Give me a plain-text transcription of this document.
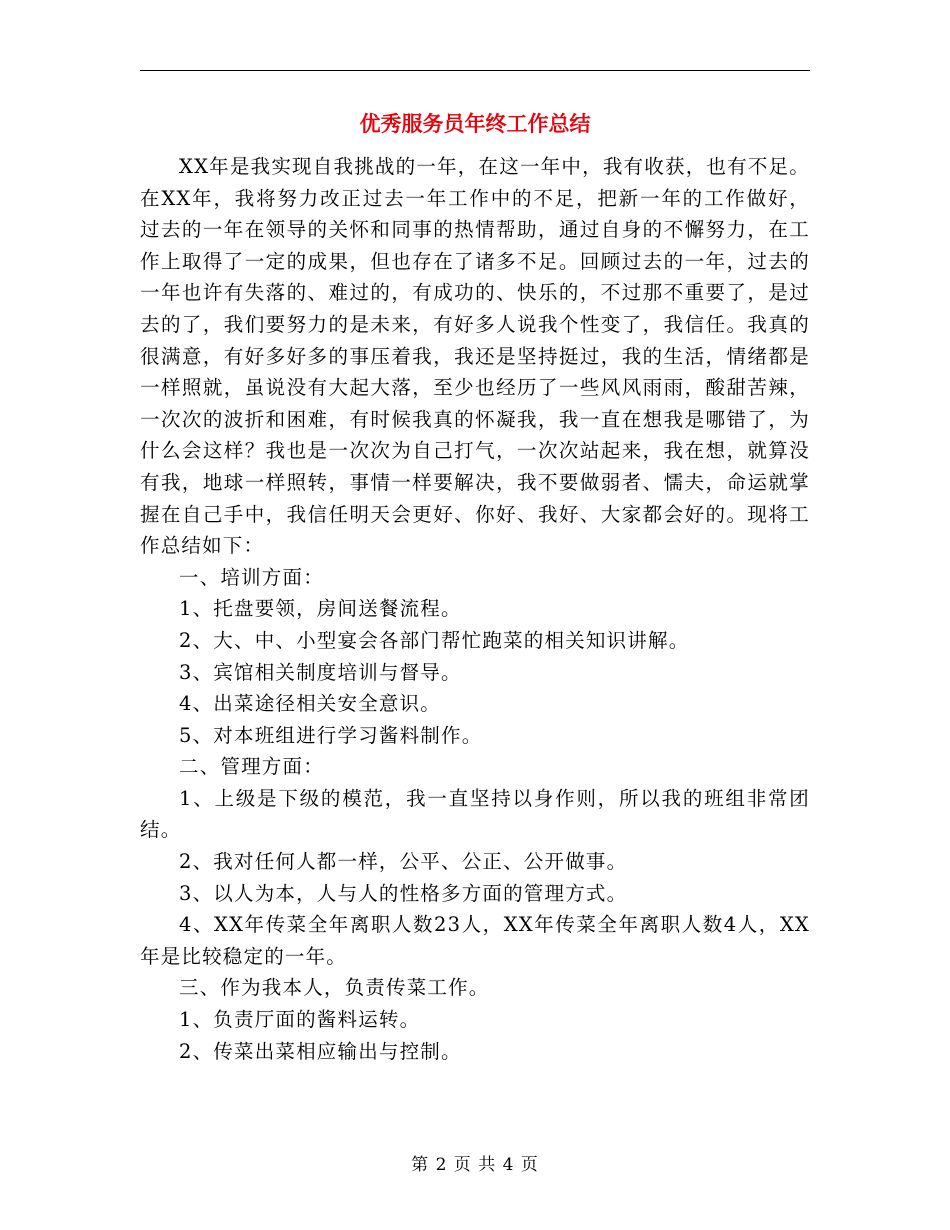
优秀服务员年终工作总结

XX年是我实现自我挑战的一年，在这一年中，我有收获，也有不足。在XX年，我将努力改正过去一年工作中的不足，把新一年的工作做好，过去的一年在领导的关怀和同事的热情帮助，通过自身的不懈努力，在工作上取得了一定的成果，但也存在了诸多不足。回顾过去的一年，过去的一年也许有失落的、难过的，有成功的、快乐的，不过那不重要了，是过去的了，我们要努力的是未来，有好多人说我个性变了，我信任。我真的很满意，有好多好多的事压着我，我还是坚持挺过，我的生活，情绪都是一样照就，虽说没有大起大落，至少也经历了一些风风雨雨，酸甜苦辣，一次次的波折和困难，有时候我真的怀凝我，我一直在想我是哪错了，为什么会这样？我也是一次次为自己打气，一次次站起来，我在想，就算没有我，地球一样照转，事情一样要解决，我不要做弱者、懦夫，命运就掌握在自己手中，我信任明天会更好、你好、我好、大家都会好的。现将工作总结如下：

一、培训方面：

1、托盘要领，房间送餐流程。

2、大、中、小型宴会各部门帮忙跑菜的相关知识讲解。

3、宾馆相关制度培训与督导。

4、出菜途径相关安全意识。

5、对本班组进行学习酱料制作。

二、管理方面：

1、上级是下级的模范，我一直坚持以身作则，所以我的班组非常团结。

2、我对任何人都一样，公平、公正、公开做事。

3、以人为本，人与人的性格多方面的管理方式。

4、XX年传菜全年离职人数23人，XX年传菜全年离职人数4人，XX年是比较稳定的一年。

三、作为我本人，负责传菜工作。

1、负责厅面的酱料运转。

2、传菜出菜相应输出与控制。

第 2 页 共 4 页
